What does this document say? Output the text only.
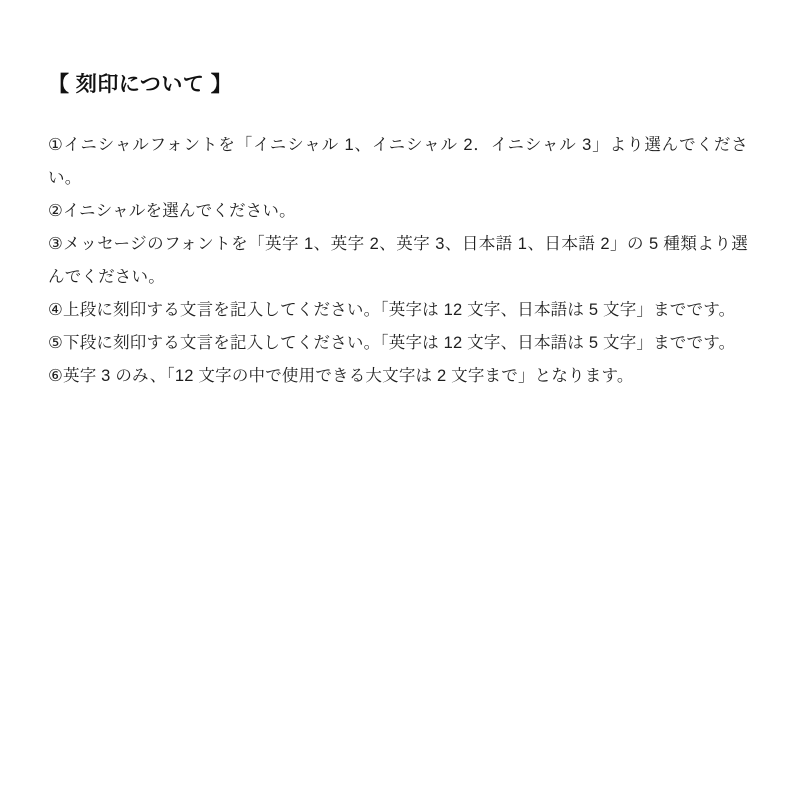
【 刻印について 】

①イニシャルフォントを「イニシャル 1、イニシャル 2．イニシャル 3」より選んでください。

②イニシャルを選んでください。

③メッセージのフォントを「英字 1、英字 2、英字 3、日本語 1、日本語 2」の 5 種類より選んでください。

④上段に刻印する文言を記入してください。「英字は 12 文字、日本語は 5 文字」までです。

⑤下段に刻印する文言を記入してください。「英字は 12 文字、日本語は 5 文字」までです。

⑥英字 3 のみ、「12 文字の中で使用できる大文字は 2 文字まで」となります。
